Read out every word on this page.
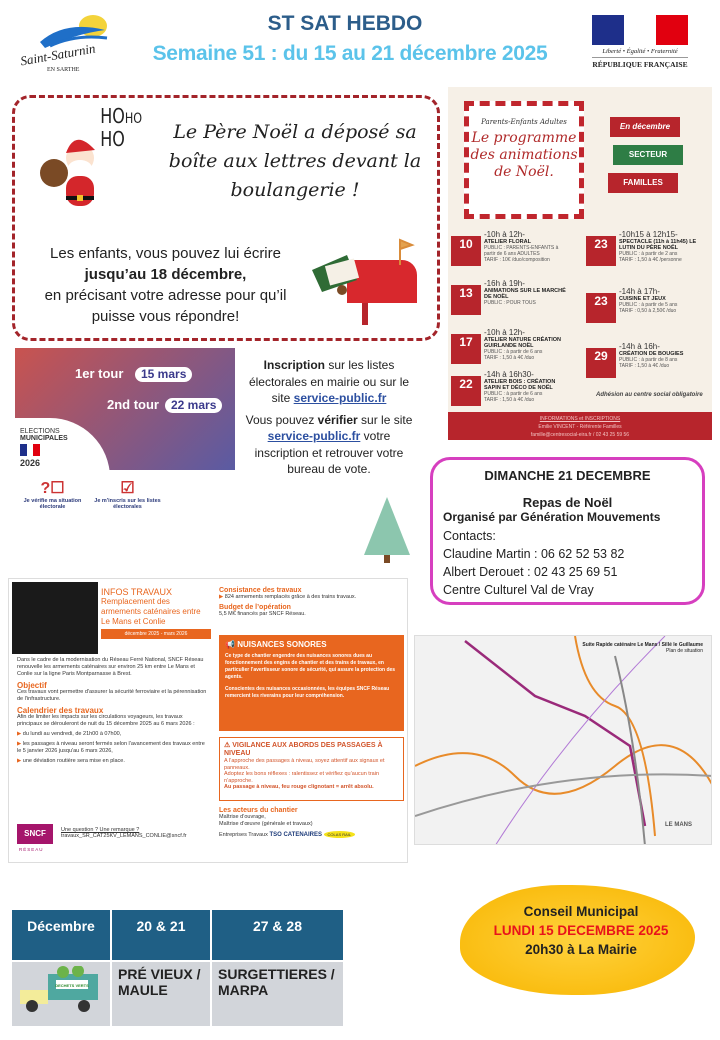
Saint-Saturnin
EN SARTHE
ST SAT HEBDO
Semaine 51 : du 15 au 21 décembre 2025	Liberté • Égalité • Fraternité
RÉPUBLIQUE FRANÇAISE
HOHO
HO	Le Père Noël a déposé sa boîte aux lettres devant la boulangerie !
Les enfants, vous pouvez lui écrire
jusqu’au 18 décembre,
en précisant votre adresse pour qu’il puisse vous répondre!
Parents-Enfants Adultes
Le programme des animations de Noël.
En décembre
SECTEUR
FAMILLES
10
-10h à 12h-
ATELIER FLORAL
PUBLIC : PARENTS-ENFANTS à partir de 6 ans ADULTES
TARIF : 10€ /duo/composition
13
-16h à 19h-
ANIMATIONS SUR LE MARCHÉ DE NOËL
PUBLIC : POUR TOUS
17
-10h à 12h-
ATELIER NATURE CRÉATION GUIRLANDE NOËL
PUBLIC : à partir de 6 ans
TARIF : 1,50 à 4€ /duo
22
-14h à 16h30-
ATELIER BOIS : CRÉATION SAPIN ET DÉCO DE NOËL
PUBLIC : à partir de 6 ans
TARIF : 1,50 à 4€ /duo
23
-10h15 à 12h15-
SPECTACLE (11h à 11h45) LE LUTIN DU PÈRE NOËL
PUBLIC : à partir de 2 ans
TARIF : 1,50 à 4€ /personne
23
-14h à 17h-
CUISINE ET JEUX
PUBLIC : à partir de 5 ans
TARIF : 0,50 à 2,50€ /duo
29
-14h à 16h-
CRÉATION DE BOUGIES
PUBLIC : à partir de 8 ans
TARIF : 1,50 à 4€ /duo
Adhésion au centre social obligatoire
INFORMATIONS et INSCRIPTIONS
Emilie VINCENT - Référente Familles
famille@centresocial-eira.fr / 02 43 25 59 56
1er tour	15 mars
2nd tour	22 mars
ELECTIONS
MUNICIPALES
2026
?☐
Je vérifie ma situation électorale
☑
Je m'inscris sur les listes électorales

Inscription sur les listes électorales en mairie ou sur le site service-public.fr

Vous pouvez vérifier sur le site service-public.fr votre inscription et retrouver votre bureau de vote.	DIMANCHE 21 DECEMBRE
Repas de Noël
Organisé par Génération Mouvements
Contacts:
Claudine Martin : 06 62 52 53 82
Albert Derouet : 02 43 25 69 51
Centre Culturel Val de Vray
INFOS TRAVAUX
Remplacement des armements caténaires entre Le Mans et Conlie
décembre 2025 - mars 2026

Dans le cadre de la modernisation du Réseau Ferré National, SNCF Réseau renouvelle les armements caténaires sur environ 25 km entre Le Mans et Conlie sur la ligne Paris Montparnasse à Brest.

Objectif

Ces travaux vont permettre d'assurer la sécurité ferroviaire et la pérennisation de l'infrastructure.

Calendrier des travaux

Afin de limiter les impacts sur les circulations voyageurs, les travaux principaux se dérouleront de nuit du 15 décembre 2025 au 6 mars 2026 :

▶ du lundi au vendredi, de 21h00 à 07h00,

▶ les passages à niveau seront fermés selon l'avancement des travaux entre le 5 janvier 2026 jusqu'au 6 mars 2026,

▶ une déviation routière sera mise en place.

SNCF
RÉSEAU
Une question ? Une remarque ?
travaux_SR_CAT25KV_LEMANS_CONLIE@sncf.fr

Consistance des travaux

▶ 824 armements remplacés grâce à des trains travaux.

Budget de l’opération

5,5 M€ financés par SNCF Réseau.

📢 NUISANCES SONORES

Ce type de chantier engendre des nuisances sonores dues au fonctionnement des engins de chantier et des trains de travaux, en particulier l’avertisseur sonore de sécurité, qui assure la protection des agents.

Conscientes des nuisances occasionnées, les équipes SNCF Réseau remercient les riverains pour leur compréhension.

⚠ VIGILANCE AUX ABORDS DES PASSAGES À NIVEAU

A l’approche des passages à niveau, soyez attentif aux signaux et panneaux.

Adoptez les bons réflexes : ralentissez et vérifiez qu’aucun train n’approche.

Au passage à niveau, feu rouge clignotant = arrêt absolu.

Les acteurs du chantier

Maîtrise d’ouvrage,

Maîtrise d’œuvre (générale et travaux)

Entreprises Travaux TSO CATENAIRES COLAS RAIL

Suite Rapide caténaire Le Mans / Sillé le Guillaume
Plan de situation
LE MANS
Décembre	20 & 21	27 & 28

DECHETS VERTS	PRÉ VIEUX / MAULE	SURGETTIERES / MARPA
Conseil Municipal
LUNDI 15 DECEMBRE 2025
20h30 à La Mairie
